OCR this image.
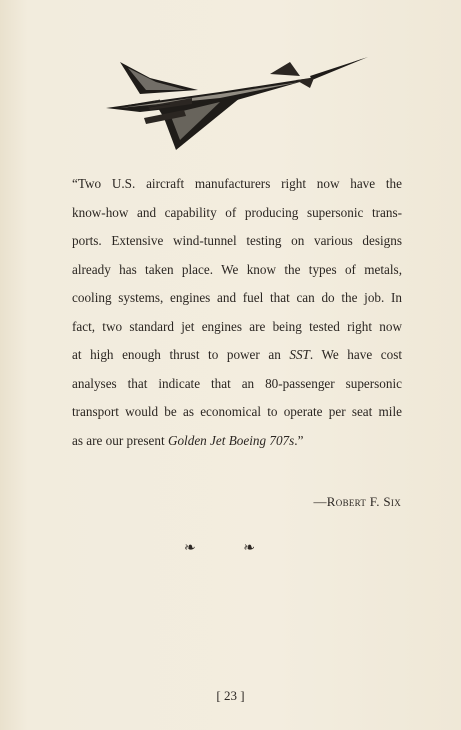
“Two U.S. aircraft manufacturers right now have the
know-how and capability of producing supersonic trans-
ports. Extensive wind-tunnel testing on various designs
already has taken place. We know the types of metals,
cooling systems, engines and fuel that can do the job. In
fact, two standard jet engines are being tested right now
at high enough thrust to power an SST. We have cost
analyses that indicate that an 80-passenger supersonic
transport would be as economical to operate per seat mile
as are our present Golden Jet Boeing 707s.”
—Robert F. Six
❧ ❧
[ 23 ]
